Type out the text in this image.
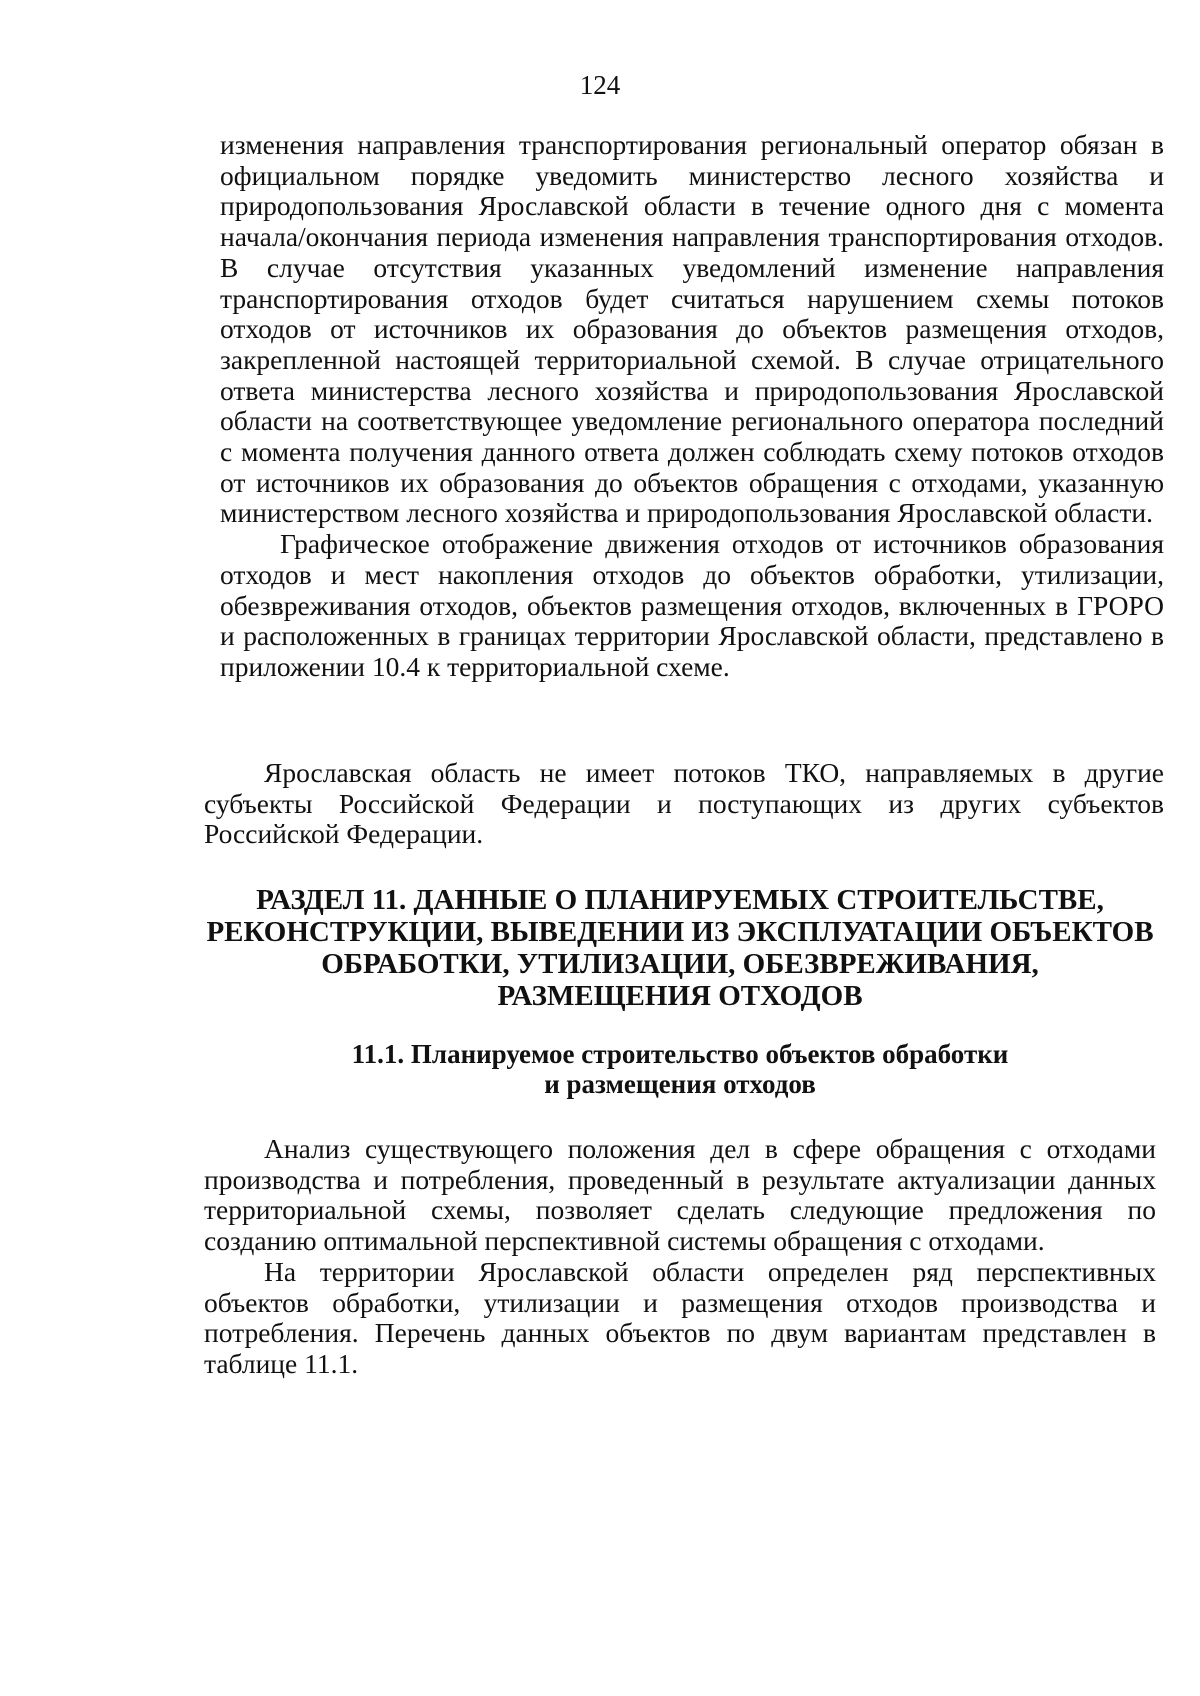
124

изменения направления транспортирования региональный оператор обязан в официальном порядке уведомить министерство лесного хозяйства и природопользования Ярославской области в течение одного дня с момента начала/окончания периода изменения направления транспортирования отходов. В случае отсутствия указанных уведомлений изменение направления транспортирования отходов будет считаться нарушением схемы потоков отходов от источников их образования до объектов размещения отходов, закрепленной настоящей территориальной схемой. В случае отрицательного ответа министерства лесного хозяйства и природопользования Ярославской области на соответствующее уведомление регионального оператора последний с момента получения данного ответа должен соблюдать схему потоков отходов от источников их образования до объектов обращения с отходами, указанную министерством лесного хозяйства и природопользования Ярославской области.

Графическое отображение движения отходов от источников образования отходов и мест накопления отходов до объектов обработки, утилизации, обезвреживания отходов, объектов размещения отходов, включенных в ГРОРО и расположенных в границах территории Ярославской области, представлено в приложении 10.4 к территориальной схеме.

Ярославская область не имеет потоков ТКО, направляемых в другие субъекты Российской Федерации и поступающих из других субъектов Российской Федерации.

РАЗДЕЛ 11. ДАННЫЕ О ПЛАНИРУЕМЫХ СТРОИТЕЛЬСТВЕ,
РЕКОНСТРУКЦИИ, ВЫВЕДЕНИИ ИЗ ЭКСПЛУАТАЦИИ ОБЪЕКТОВ
ОБРАБОТКИ, УТИЛИЗАЦИИ, ОБЕЗВРЕЖИВАНИЯ,
РАЗМЕЩЕНИЯ ОТХОДОВ
11.1. Планируемое строительство объектов обработки
и размещения отходов

Анализ существующего положения дел в сфере обращения с отходами производства и потребления, проведенный в результате актуализации данных территориальной схемы, позволяет сделать следующие предложения по созданию оптимальной перспективной системы обращения с отходами.

На территории Ярославской области определен ряд перспективных объектов обработки, утилизации и размещения отходов производства и потребления. Перечень данных объектов по двум вариантам представлен в таблице 11.1.
